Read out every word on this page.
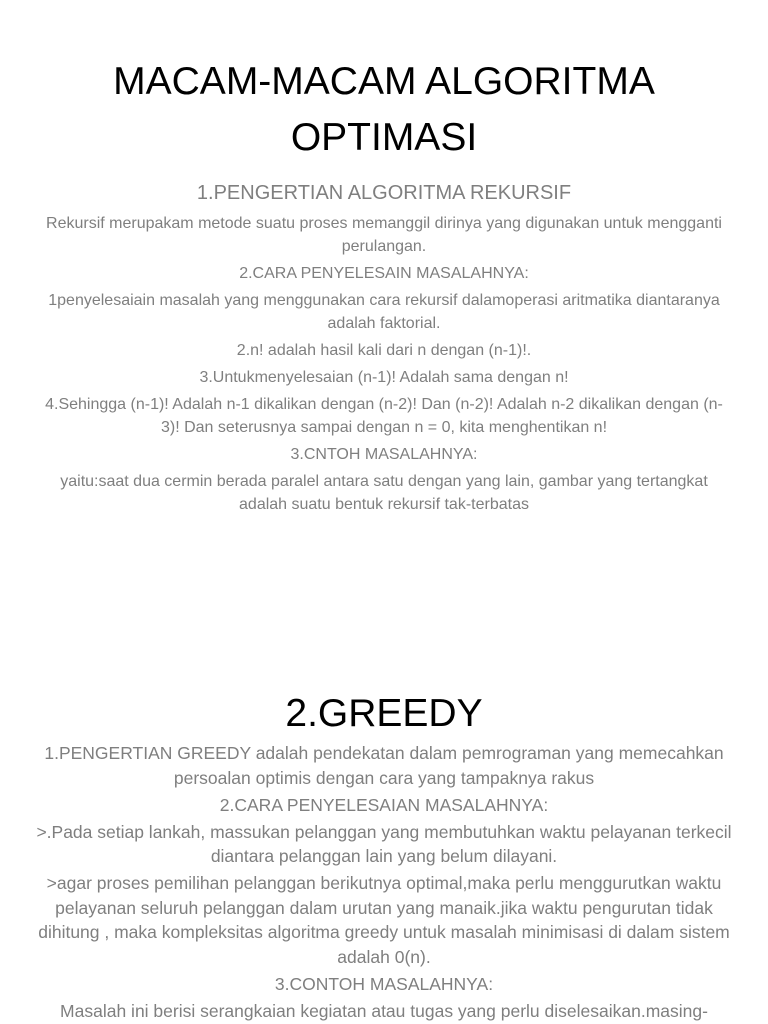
MACAM-MACAM ALGORITMA OPTIMASI

1.PENGERTIAN ALGORITMA REKURSIF

Rekursif merupakam metode suatu proses memanggil dirinya yang digunakan untuk mengganti perulangan.

2.CARA PENYELESAIN MASALAHNYA:

1penyelesaiain masalah yang menggunakan cara rekursif dalamoperasi aritmatika diantaranya adalah faktorial.

2.n! adalah hasil kali dari n dengan (n-1)!.

3.Untukmenyelesaian (n-1)! Adalah sama dengan n!

4.Sehingga (n-1)! Adalah n-1 dikalikan dengan (n-2)! Dan (n-2)! Adalah n-2 dikalikan dengan (n-3)! Dan seterusnya sampai dengan n = 0, kita menghentikan n!

3.CNTOH MASALAHNYA:

yaitu:saat dua cermin berada paralel antara satu dengan yang lain, gambar yang tertangkat adalah suatu bentuk rekursif tak-terbatas

2.GREEDY

1.PENGERTIAN GREEDY adalah pendekatan dalam pemrograman yang memecahkan persoalan optimis dengan cara yang tampaknya rakus

2.CARA PENYELESAIAN MASALAHNYA:

>.Pada setiap lankah, massukan pelanggan yang membutuhkan waktu pelayanan terkecil diantara pelanggan lain yang belum dilayani.

>agar proses pemilihan pelanggan berikutnya optimal,maka perlu menggurutkan waktu pelayanan seluruh pelanggan dalam urutan yang manaik.jika waktu pengurutan tidak dihitung , maka kompleksitas algoritma greedy untuk masalah minimisasi di dalam sistem adalah 0(n).

3.CONTOH MASALAHNYA:

Masalah ini berisi serangkaian kegiatan atau tugas yang perlu diselesaikan.masing-
